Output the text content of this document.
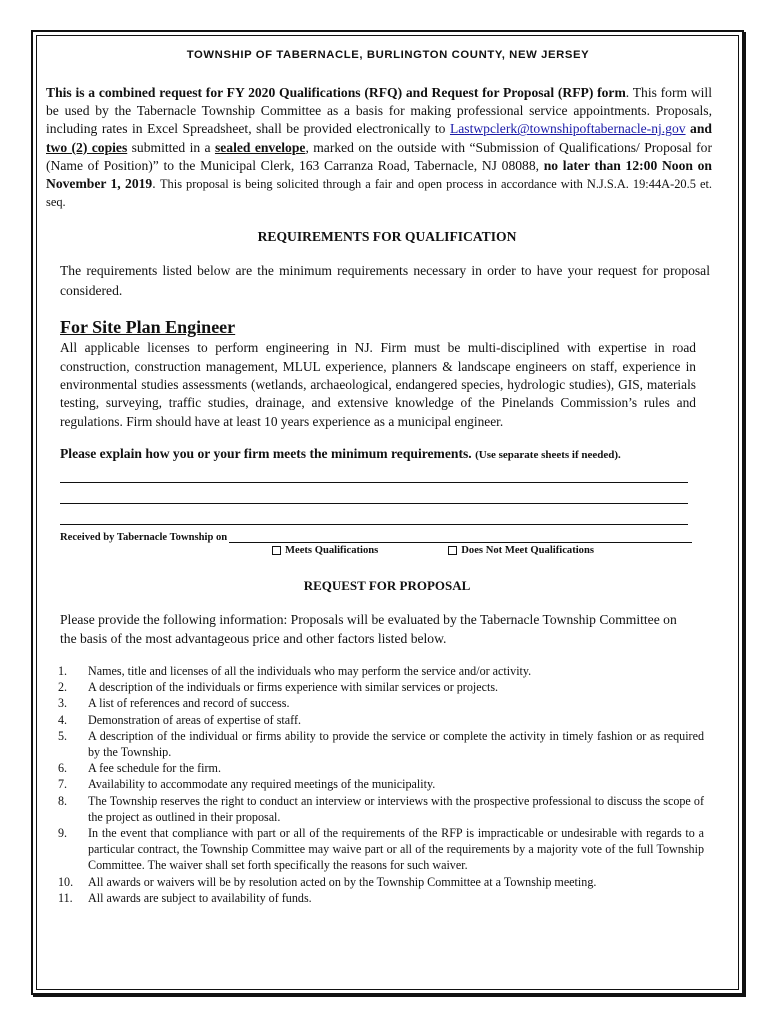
TOWNSHIP OF TABERNACLE, BURLINGTON COUNTY, NEW JERSEY
This is a combined request for FY 2020 Qualifications (RFQ) and Request for Proposal (RFP) form. This form will be used by the Tabernacle Township Committee as a basis for making professional service appointments. Proposals, including rates in Excel Spreadsheet, shall be provided electronically to Lastwpclerk@townshipoftabernacle-nj.gov and two (2) copies submitted in a sealed envelope, marked on the outside with “Submission of Qualifications/ Proposal for (Name of Position)” to the Municipal Clerk, 163 Carranza Road, Tabernacle, NJ 08088, no later than 12:00 Noon on November 1, 2019. This proposal is being solicited through a fair and open process in accordance with N.J.S.A. 19:44A-20.5 et. seq.
REQUIREMENTS FOR QUALIFICATION
The requirements listed below are the minimum requirements necessary in order to have your request for proposal considered.
For Site Plan Engineer
All applicable licenses to perform engineering in NJ. Firm must be multi-disciplined with expertise in road construction, construction management, MLUL experience, planners & landscape engineers on staff, experience in environmental studies assessments (wetlands, archaeological, endangered species, hydrologic studies), GIS, materials testing, surveying, traffic studies, drainage, and extensive knowledge of the Pinelands Commission’s rules and regulations. Firm should have at least 10 years experience as a municipal engineer.
Please explain how you or your firm meets the minimum requirements. (Use separate sheets if needed).
Received by Tabernacle Township on
Meets Qualifications	Does Not Meet Qualifications
REQUEST FOR PROPOSAL
Please provide the following information: Proposals will be evaluated by the Tabernacle Township Committee on the basis of the most advantageous price and other factors listed below.
1.	Names, title and licenses of all the individuals who may perform the service and/or activity.
2.	A description of the individuals or firms experience with similar services or projects.
3.	A list of references and record of success.
4.	Demonstration of areas of expertise of staff.
5.	A description of the individual or firms ability to provide the service or complete the activity in timely fashion or as required by the Township.
6.	A fee schedule for the firm.
7.	Availability to accommodate any required meetings of the municipality.
8.	The Township reserves the right to conduct an interview or interviews with the prospective professional to discuss the scope of the project as outlined in their proposal.
9.	In the event that compliance with part or all of the requirements of the RFP is impracticable or undesirable with regards to a particular contract, the Township Committee may waive part or all of the requirements by a majority vote of the full Township Committee. The waiver shall set forth specifically the reasons for such waiver.
10.	All awards or waivers will be by resolution acted on by the Township Committee at a Township meeting.
11.	All awards are subject to availability of funds.
